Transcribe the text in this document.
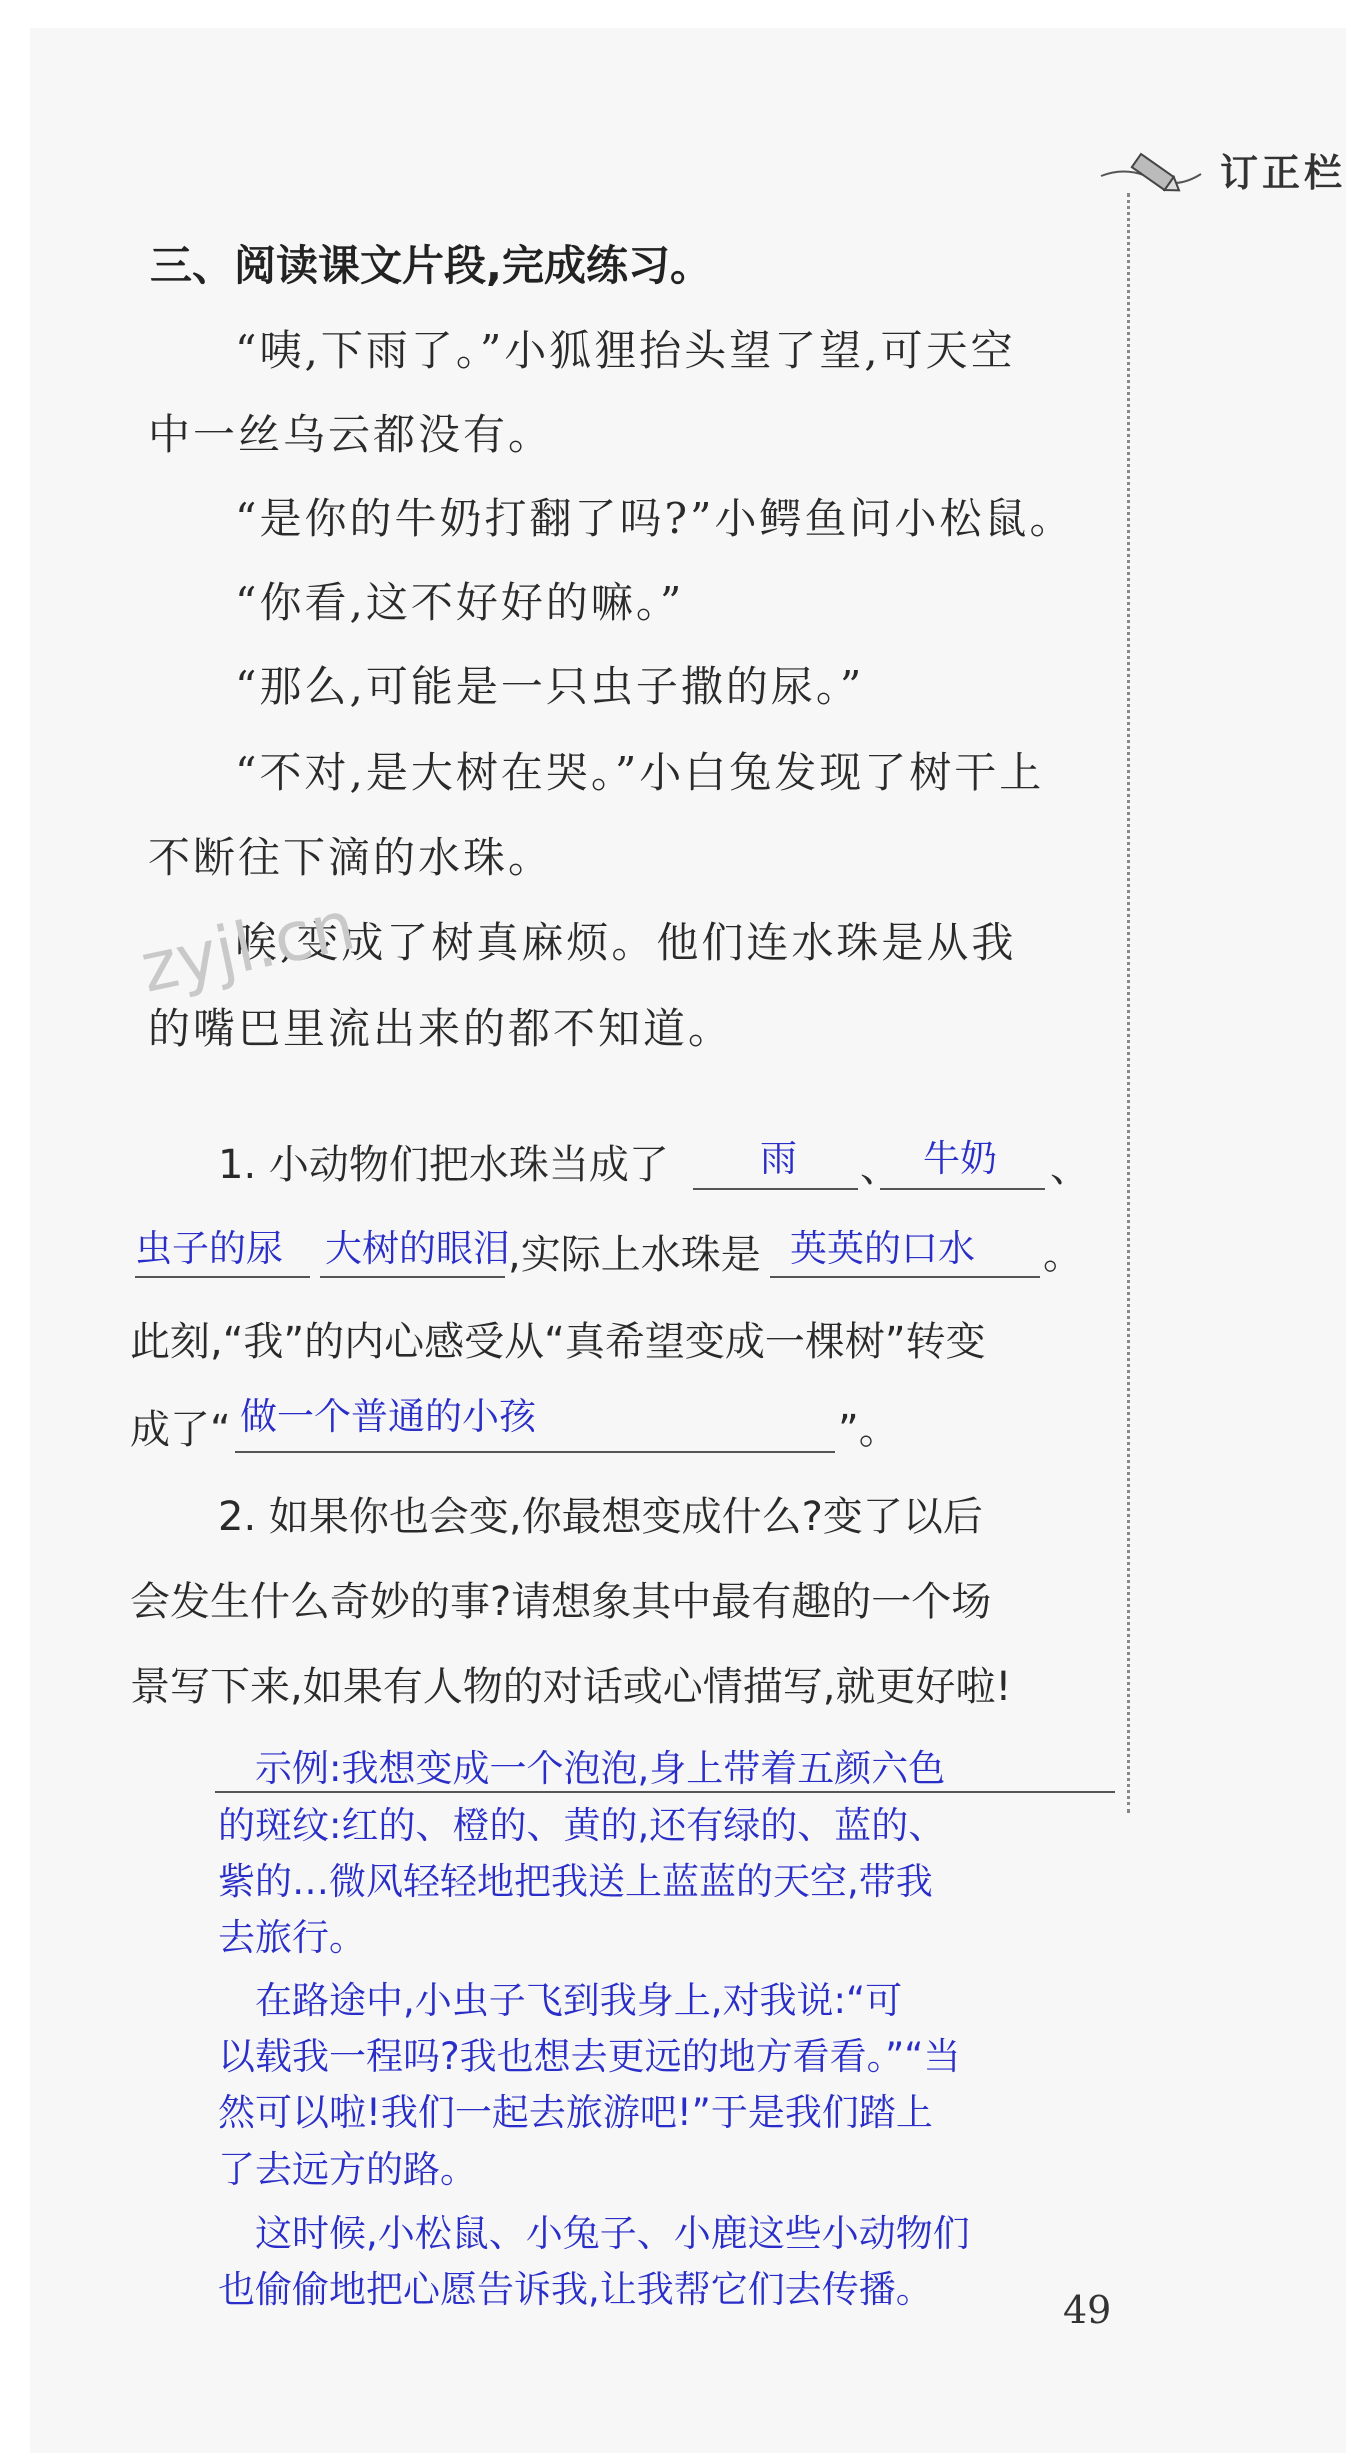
订正栏
三、阅读课文片段,完成练习。
“咦,下雨了。”小狐狸抬头望了望,可天空
中一丝乌云都没有。
“是你的牛奶打翻了吗?”小鳄鱼问小松鼠。
“你看,这不好好的嘛。”
“那么,可能是一只虫子撒的尿。”
“不对,是大树在哭。”小白兔发现了树干上
不断往下滴的水珠。
唉,变成了树真麻烦。他们连水珠是从我
的嘴巴里流出来的都不知道。
zyjl.cn
1. 小动物们把水珠当成了 雨 、 牛奶 、
虫子的尿 大树的眼泪
,实际上水珠是 英英的口水 。
此刻,“我”的内心感受从“真希望变成一棵树”转变
成了“ 做一个普通的小孩	”。
2. 如果你也会变,你最想变成什么?变了以后
会发生什么奇妙的事?请想象其中最有趣的一个场
景写下来,如果有人物的对话或心情描写,就更好啦!
示例:我想变成一个泡泡,身上带着五颜六色
的斑纹:红的、橙的、黄的,还有绿的、蓝的、
紫的…微风轻轻地把我送上蓝蓝的天空,带我
去旅行。
在路途中,小虫子飞到我身上,对我说:“可
以载我一程吗?我也想去更远的地方看看。”“当
然可以啦!我们一起去旅游吧!”于是我们踏上
了去远方的路。
这时候,小松鼠、小兔子、小鹿这些小动物们
也偷偷地把心愿告诉我,让我帮它们去传播。	49
